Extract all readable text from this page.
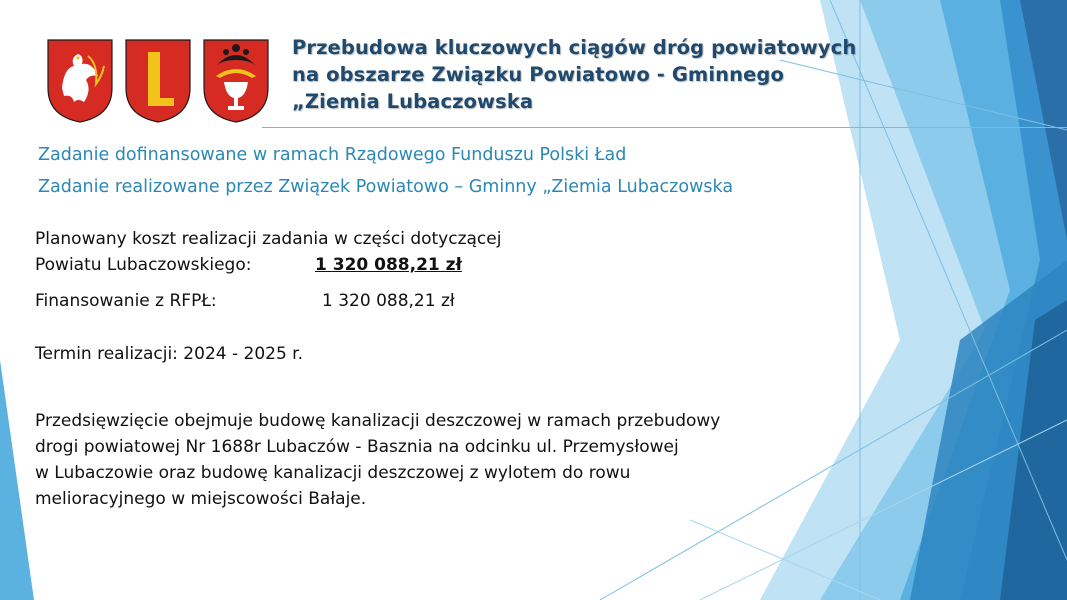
Przebudowa kluczowych ciągów dróg powiatowych
na obszarze Związku Powiatowo - Gminnego
„Ziemia Lubaczowska
Zadanie dofinansowane w ramach Rządowego Funduszu Polski Ład
Zadanie realizowane przez Związek Powiatowo – Gminny „Ziemia Lubaczowska
Planowany koszt realizacji zadania w części dotyczącej
Powiatu Lubaczowskiego:	1 320 088,21 zł
Finansowanie z RFPŁ:	1 320 088,21 zł
Termin realizacji: 2024 - 2025 r.
Przedsięwzięcie obejmuje budowę kanalizacji deszczowej w ramach przebudowy
drogi powiatowej Nr 1688r Lubaczów - Basznia na odcinku ul. Przemysłowej
w Lubaczowie oraz budowę kanalizacji deszczowej z wylotem do rowu
melioracyjnego w miejscowości Bałaje.
